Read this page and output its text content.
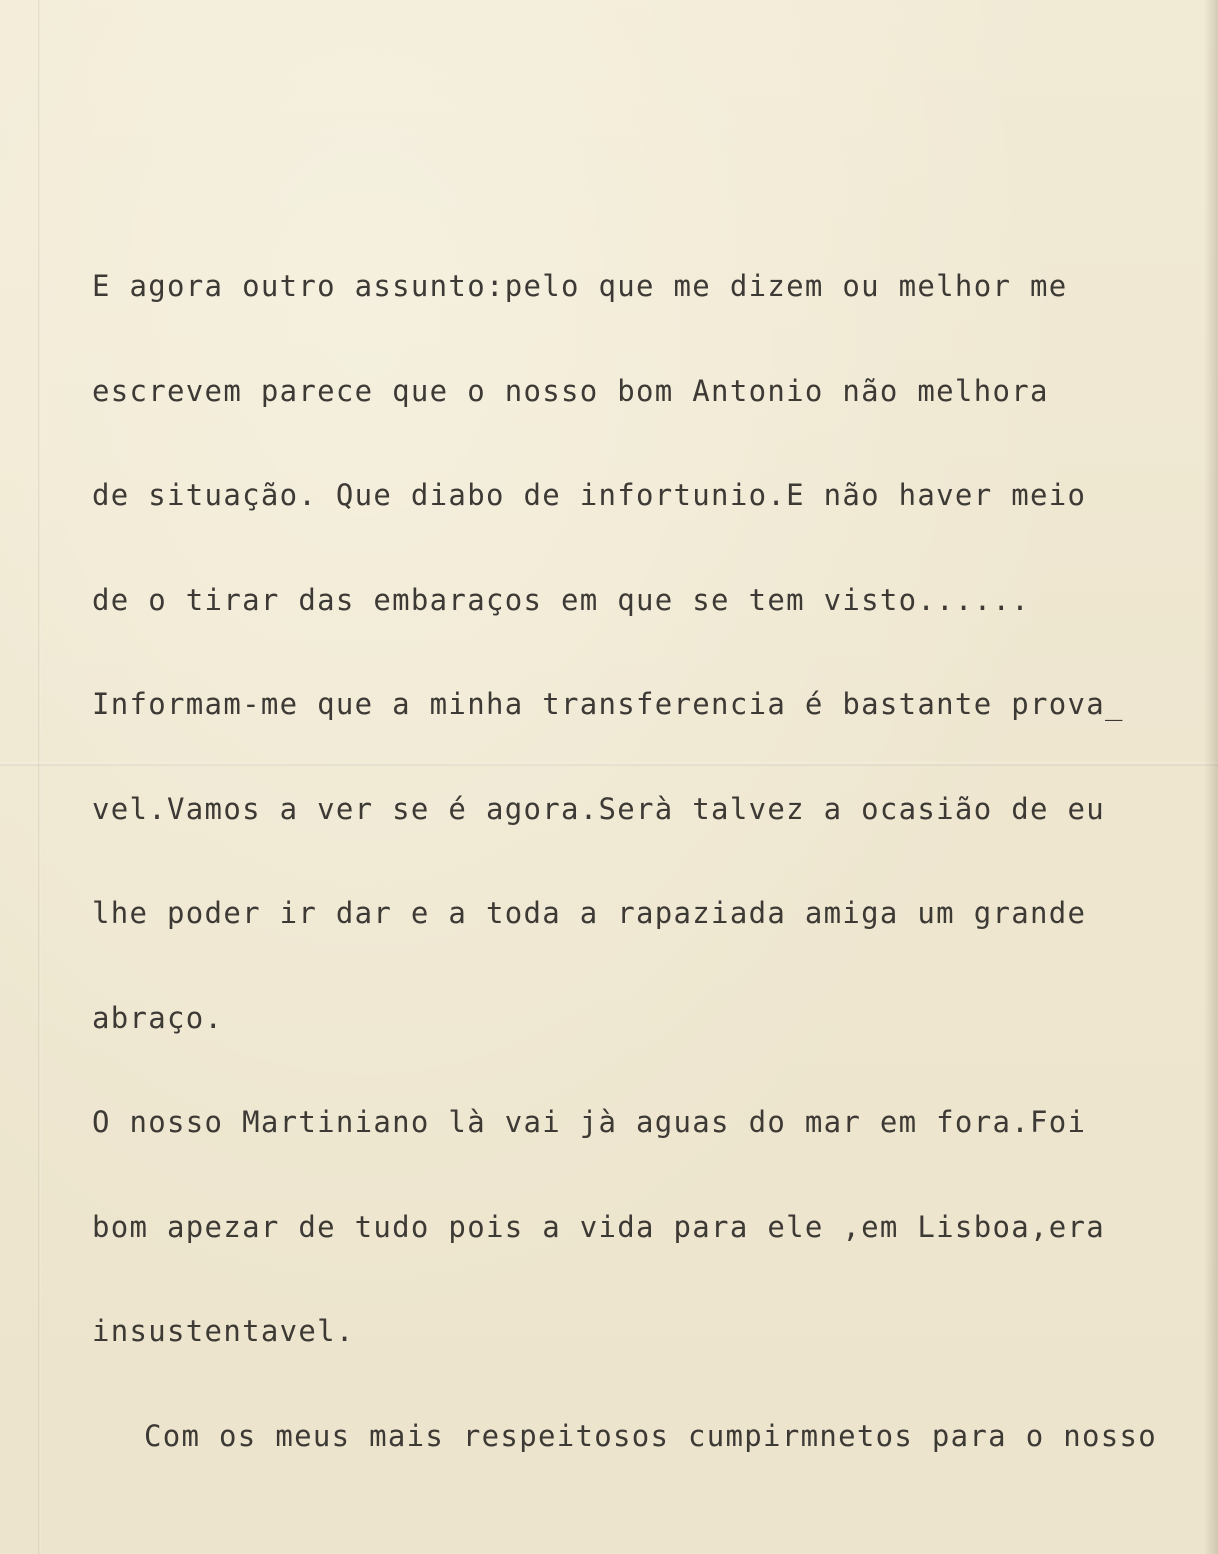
E agora outro assunto:pelo que me dizem ou melhor me
escrevem parece que o nosso bom Antonio não melhora
de situação. Que diabo de infortunio.E não haver meio
de o tirar das embaraços em que se tem visto......
Informam-me que a minha transferencia é bastante prova_
vel.Vamos a ver se é agora.Serà talvez a ocasião de eu
lhe poder ir dar e a toda a rapaziada amiga um grande
abraço.
O nosso Martiniano là vai jà aguas do mar em fora.Foi
bom apezar de tudo pois a vida para ele ,em Lisboa,era
insustentavel.
Com os meus mais respeitosos cumpirmnetos para o nosso
